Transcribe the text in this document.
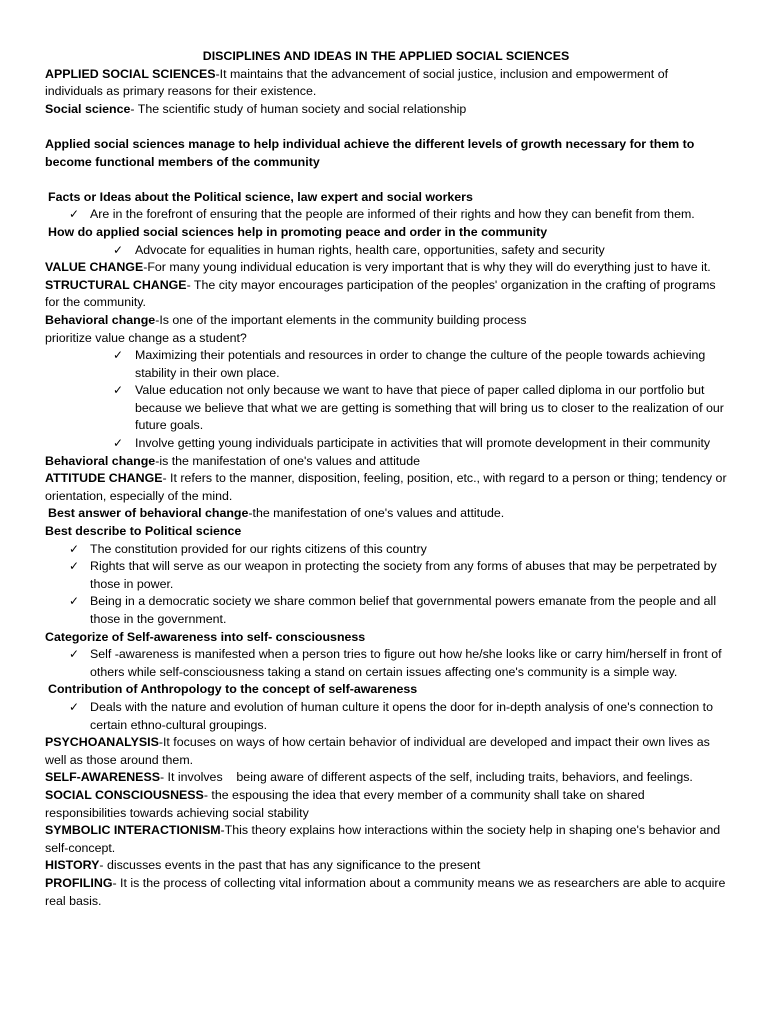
DISCIPLINES AND IDEAS IN THE APPLIED SOCIAL SCIENCES

APPLIED SOCIAL SCIENCES-It maintains that the advancement of social justice, inclusion and empowerment of individuals as primary reasons for their existence.

Social science- The scientific study of human society and social relationship

Applied social sciences manage to help individual achieve the different levels of growth necessary for them to become functional members of the community

Facts or Ideas about the Political science, law expert and social workers

✓ Are in the forefront of ensuring that the people are informed of their rights and how they can benefit from them.

How do applied social sciences help in promoting peace and order in the community

✓ Advocate for equalities in human rights, health care, opportunities, safety and security

VALUE CHANGE-For many young individual education is very important that is why they will do everything just to have it.

STRUCTURAL CHANGE- The city mayor encourages participation of the peoples' organization in the crafting of programs for the community.

Behavioral change-Is one of the important elements in the community building process

prioritize value change as a student?

✓ Maximizing their potentials and resources in order to change the culture of the people towards achieving stability in their own place.
✓ Value education not only because we want to have that piece of paper called diploma in our portfolio but because we believe that what we are getting is something that will bring us to closer to the realization of our future goals.
✓ Involve getting young individuals participate in activities that will promote development in their community

Behavioral change-is the manifestation of one's values and attitude

ATTITUDE CHANGE- It refers to the manner, disposition, feeling, position, etc., with regard to a person or thing; tendency or orientation, especially of the mind.

Best answer of behavioral change-the manifestation of one's values and attitude.

Best describe to Political science

✓ The constitution provided for our rights citizens of this country
✓ Rights that will serve as our weapon in protecting the society from any forms of abuses that may be perpetrated by those in power.
✓ Being in a democratic society we share common belief that governmental powers emanate from the people and all those in the government.

Categorize of Self-awareness into self- consciousness

✓ Self -awareness is manifested when a person tries to figure out how he/she looks like or carry him/herself in front of others while self-consciousness taking a stand on certain issues affecting one's community is a simple way.

Contribution of Anthropology to the concept of self-awareness

✓ Deals with the nature and evolution of human culture it opens the door for in-depth analysis of one's connection to certain ethno-cultural groupings.

PSYCHOANALYSIS-It focuses on ways of how certain behavior of individual are developed and impact their own lives as well as those around them.

SELF-AWARENESS- It involves    being aware of different aspects of the self, including traits, behaviors, and feelings.

SOCIAL CONSCIOUSNESS- the espousing the idea that every member of a community shall take on shared responsibilities towards achieving social stability

SYMBOLIC INTERACTIONISM-This theory explains how interactions within the society help in shaping one's behavior and self-concept.

HISTORY- discusses events in the past that has any significance to the present

PROFILING- It is the process of collecting vital information about a community means we as researchers are able to acquire real basis.
